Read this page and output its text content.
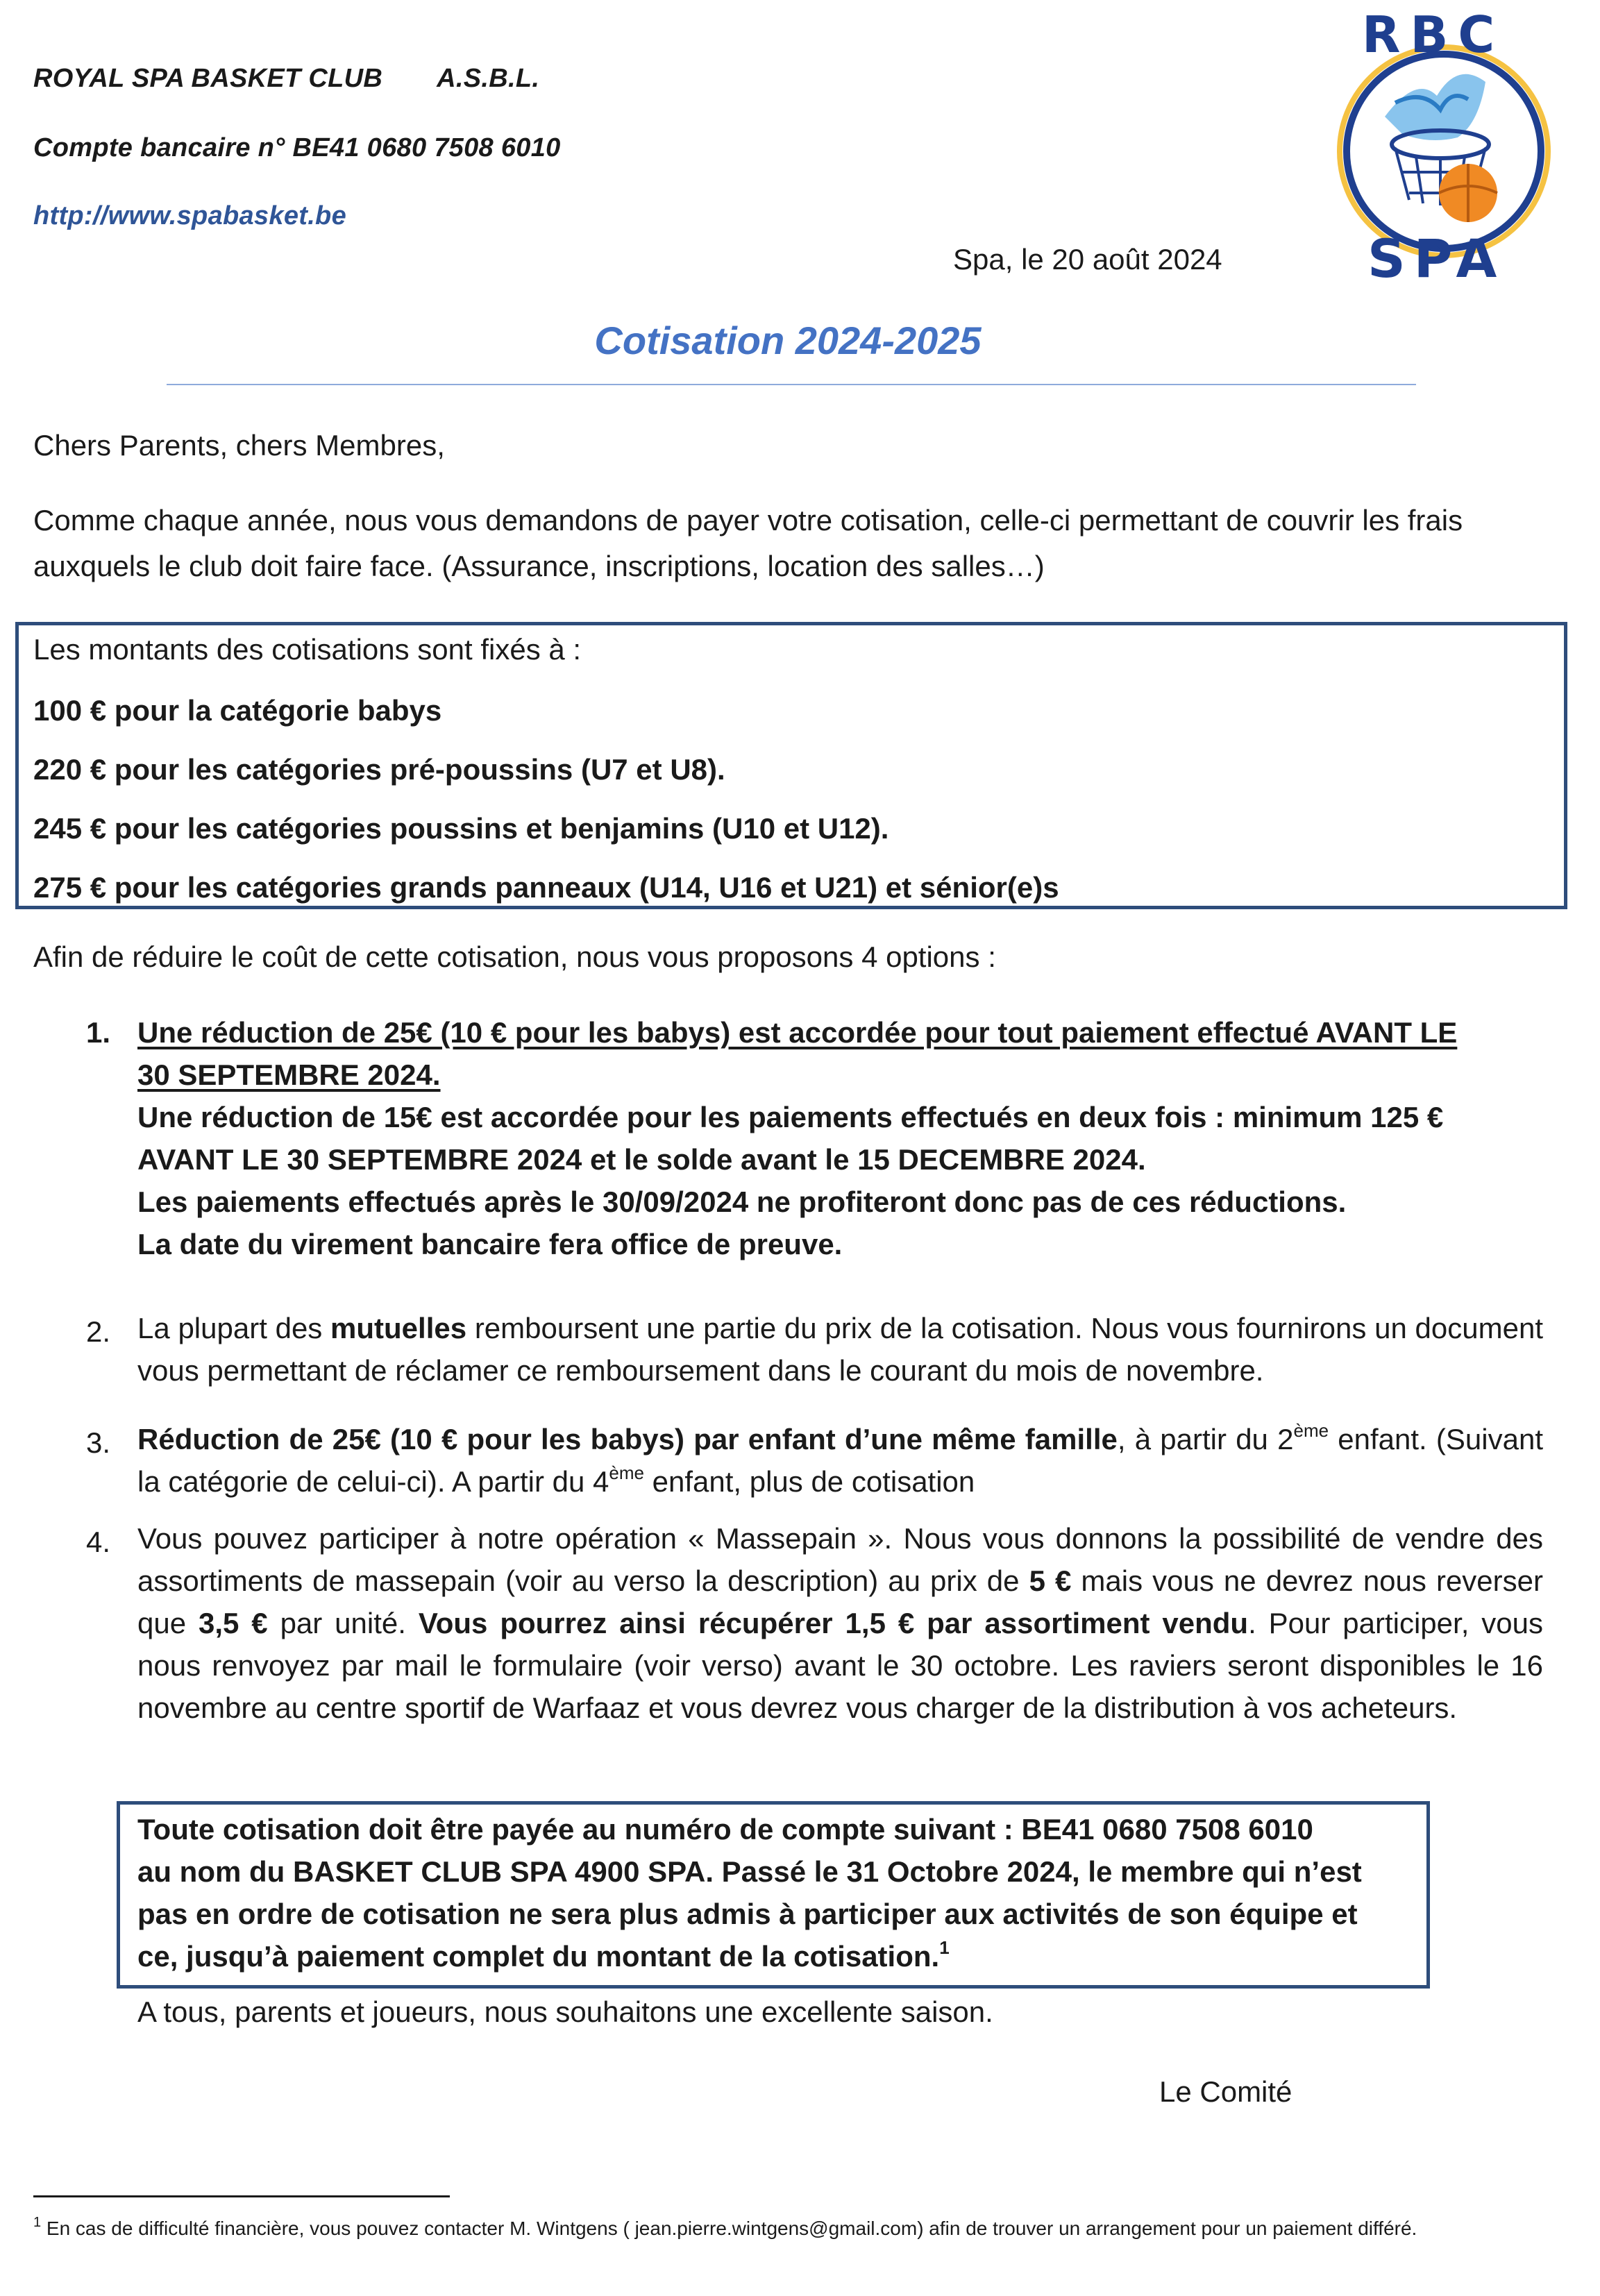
ROYAL SPA BASKET CLUB A.S.B.L.
Compte bancaire n° BE41 0680 7508 6010
http://www.spabasket.be
RBC
SPA
Spa, le 20 août 2024
Cotisation 2024-2025
Chers Parents, chers Membres,
Comme chaque année, nous vous demandons de payer votre cotisation, celle-ci permettant de couvrir les frais
auxquels le club doit faire face. (Assurance, inscriptions, location des salles…)
Les montants des cotisations sont fixés à :
100 € pour la catégorie babys
220 € pour les catégories pré-poussins (U7 et U8).
245 € pour les catégories poussins et benjamins (U10 et U12).
275 € pour les catégories grands panneaux (U14, U16 et U21) et sénior(e)s
Afin de réduire le coût de cette cotisation, nous vous proposons 4 options :
1. Une réduction de 25€ (10 € pour les babys) est accordée pour tout paiement effectué AVANT LE
30 SEPTEMBRE 2024.
Une réduction de 15€ est accordée pour les paiements effectués en deux fois : minimum 125 €
AVANT LE 30 SEPTEMBRE 2024 et le solde avant le 15 DECEMBRE 2024.
Les paiements effectués après le 30/09/2024 ne profiteront donc pas de ces réductions.
La date du virement bancaire fera office de preuve.
2. La plupart des mutuelles remboursent une partie du prix de la cotisation. Nous vous fournirons un document vous permettant de réclamer ce remboursement dans le courant du mois de novembre.
3. Réduction de 25€ (10 € pour les babys) par enfant d’une même famille, à partir du 2ème enfant. (Suivant la catégorie de celui-ci). A partir du 4ème enfant, plus de cotisation
4. Vous pouvez participer à notre opération « Massepain ». Nous vous donnons la possibilité de vendre des assortiments de massepain (voir au verso la description) au prix de 5 € mais vous ne devrez nous reverser que 3,5 € par unité. Vous pourrez ainsi récupérer 1,5 € par assortiment vendu. Pour participer, vous nous renvoyez par mail le formulaire (voir verso) avant le 30 octobre. Les raviers seront disponibles le 16 novembre au centre sportif de Warfaaz et vous devrez vous charger de la distribution à vos acheteurs.
Toute cotisation doit être payée au numéro de compte suivant : BE41 0680 7508 6010
au nom du BASKET CLUB SPA 4900 SPA. Passé le 31 Octobre 2024, le membre qui n’est
pas en ordre de cotisation ne sera plus admis à participer aux activités de son équipe et
ce, jusqu’à paiement complet du montant de la cotisation.$^1$
A tous, parents et joueurs, nous souhaitons une excellente saison.
Le Comité
$^1$ En cas de difficulté financière, vous pouvez contacter M. Wintgens ( jean.pierre.wintgens@gmail.com) afin de trouver un arrangement pour un paiement différé.
